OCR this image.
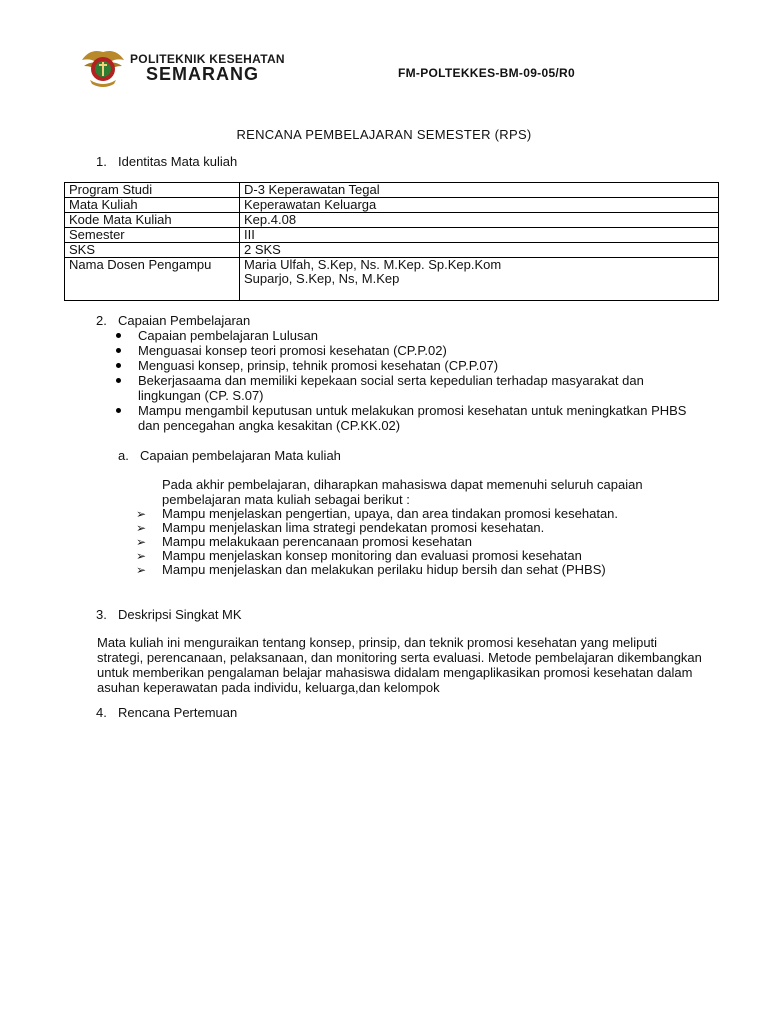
POLITEKNIK KESEHATAN
SEMARANG	FM-POLTEKKES-BM-09-05/R0
RENCANA PEMBELAJARAN SEMESTER (RPS)
1. Identitas Mata kuliah
Program Studi	D-3 Keperawatan Tegal
Mata Kuliah	Keperawatan Keluarga
Kode Mata Kuliah	Kep.4.08
Semester	III
SKS	2 SKS
Nama Dosen Pengampu	Maria Ulfah, S.Kep, Ns. M.Kep. Sp.Kep.Kom
Suparjo, S.Kep, Ns, M.Kep
2. Capaian Pembelajaran
Capaian pembelajaran Lulusan
Menguasai konsep teori promosi kesehatan (CP.P.02)
Menguasi konsep, prinsip, tehnik promosi kesehatan (CP.P.07)
Bekerjasaama dan memiliki kepekaan social serta kepedulian terhadap masyarakat dan lingkungan (CP. S.07)
Mampu mengambil keputusan untuk melakukan promosi kesehatan untuk meningkatkan PHBS dan pencegahan angka kesakitan (CP.KK.02)
a. Capaian pembelajaran Mata kuliah
Pada akhir pembelajaran, diharapkan mahasiswa dapat memenuhi seluruh capaian pembelajaran mata kuliah sebagai berikut :
➢ Mampu menjelaskan pengertian, upaya, dan area tindakan promosi kesehatan.
➢ Mampu menjelaskan lima strategi pendekatan promosi kesehatan.
➢ Mampu melakukaan perencanaan promosi kesehatan
➢ Mampu menjelaskan konsep monitoring dan evaluasi promosi kesehatan
➢ Mampu menjelaskan dan melakukan perilaku hidup bersih dan sehat (PHBS)
3. Deskripsi Singkat MK
Mata kuliah ini menguraikan tentang konsep, prinsip, dan teknik promosi kesehatan yang meliputi strategi, perencanaan, pelaksanaan, dan monitoring serta evaluasi. Metode pembelajaran dikembangkan untuk memberikan pengalaman belajar mahasiswa didalam mengaplikasikan promosi kesehatan dalam asuhan keperawatan pada individu, keluarga,dan kelompok
4. Rencana Pertemuan
